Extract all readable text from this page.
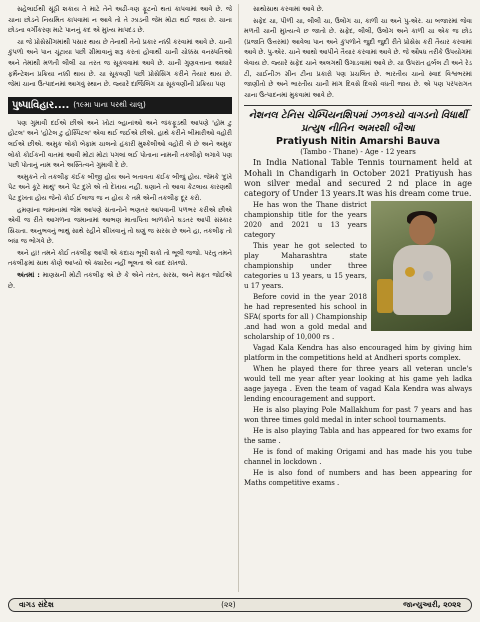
સહેલાઈથી સૂંઠી શકાય તે માટે તેને અઢી-ત્રણ ફૂટનો થતાં કાપવામાં આવે છે. જે ચાના છોડને નિયમિત કાપવામાં ન આવે તો તે ઝાડની જેમ મોટા થઈ જાય છે. ચાના છોડના વર્ગીકરણ માટે પાનનું કદ એ મુખ્ય માપદંડ છે.

ચા જે પ્રોસેસીંગમાંથી પસાર થાય છે તેનાથી તેનો પ્રકાર નક્કી કરવામાં આવે છે. ચાની કુંપળો અને પાન ચૂંટાયા પછી ગ્રીમાવાનું શરૂ કરતાં હોવાથી ચાની ચોક્કસ વનસ્પતિઓ અને તેમાંથી મળતી લીલી ચા તરત જ સૂકવવામાં આવે છે. ચાની ગુણવત્તાના આધારે ફર્મેન્ટેશન પ્રક્રિયા નક્કી થાય છે. ચા સૂકવણી પછી પ્રોસેસિંગ કરીને તૈયાર થાય છે. જેમાં ચાના ઉત્પાદનમાં આગવું સ્થાન છે. જ્યારે દાર્જિલિંગ ચા સૂકવણીની પ્રક્રિયા પણ

પુષ્પાવિહાર.... (૧૯મા પાના પરથી ચાલુ)

પણ ગુમાવી દઈએ છીએ અને ખોટાં બ્હાનાંઓ અને જંકફૂડથી આપણે 'હોમ ટુ હોટલ' અને 'હોટેલ ટુ હોસ્પિટલ' એવા થઈ જઈએ છીએ. હાથે કરીને બીમારીઓ વહોરી લઈએ છીએ. અમુક લોકો બેફામ ચાલનો હંકારી મુશ્કેલીઓ વહોરી લે છે અને અમુક લોકો કોઈકની વાતમાં આવી મોટાં મોટાં પગલાં લઈ પોતાના નામની તકલીફો લગાવે પણ પછી પોતાનું નામ અને અસ્તિત્વને ગુમાવી દે છે.

અમુકને તો તકલીફ કંઈક બીજી હોય અને બતાવતા કંઈક બીજું હોય. જેમકે 'દુખે પેટ અને કૂટે માથું' અને પેટ દુખે એ તો દેખાય નહીં. ઘણાને તો આવા કેટલાય કારણથી પેટ દુખતા હોય જેનો કોઈ ઈલાજ જ ન હોય કે તમે એની તકલીફ દૂર કરો.

હમણાંના જમાનામાં જેમ આપણે સંતાનોને ભણતર આપવાની પળભર કરીએ છીએ એવી જ રીતે આગળના જમાનામાં આભણ માતાપિતા બાળકોને ઘડતર આપી સંસ્કાર સિંચતા. અનુભવનું ભાથું સાથે રહીને શીખવાનું તો ઘણું જ સરસ છે અને હા, તકલીફ તો બધા જ ભોગવે છે.

અને હાં! તમને કોઈ તકલીફ આપી એ કદાચ ભૂલી શકો તો ભૂલી જજો. પરંતુ તમને તકલીફમાં સાથ કોણે આપ્યો એ ક્યારેય નહીં ભૂલતા એ યાદ રાખજો.

અંતમાં : માણસની મોટી તકલીફ એ છે કે એને તરત, સરસ, અને મફત જોઈએ છે.

સાથોસાથ કરવામાં આવે છે.

સફેદ ચા, પીળી ચા, લીલી ચા, ઉલોંગ ચા, કાળી ચા અને પુ-એર. ચા બજારમાં જેવા મળતી ચાની મુખ્યત્વે છ જાતો છે. સફેદ, લીલી, ઉલોંગ અને કાળી ચા એક જ છોડ (પ્રજાતિ ઉત્તરમાં) આવેલા પાન અને કુંપળોને જુદી જુદી રીતે પ્રોસેસ કરી તૈયાર કરવામાં આવે છે. પુ-એર. ચાને આથો આપીને તૈયાર કરવામાં આવે છે. જે ઔષધ તરીકે ઉપયોગમાં લેવાય છે. જ્યારે સફેદ ચાને અલગથી ઉગાડવામાં આવે છે. ચા ઉપરાંત હર્બલ ટી અને રેડ ટી, ચાઈનીઝ ગ્રીન ટીના પ્રકારો પણ પ્રચલિત છે. ભારતીય ચાનો સ્વાદ વિશ્વભરમાં જાણીતો છે અને ભારતીય ચાની માંગ દિવસે દિવસે વધતી જાય છે. એ પણ પરંપરાગત ચાના ઉત્પાદનમાં મુકવામાં આવે છે.

નેશનલ ટેનિસ ચેમ્પિયનશિપમાં ઝળકયો વાગડનો વિધાર્થી પ્રત્યુષ નીતિન અમરશી બૌઆ
Pratiyush Nitin Amarshi Bauva
(Tambo - Thane) - Age - 12 years

In India National Table Tennis tournament held at Mohali in Chandigarh in October 2021 Pratiyush has won silver medal and secured 2 nd place in age category of Under 13 years.It was his dream come true.

He has won the Thane district championship title for the years 2020 and 2021 u 13 years category

This year he got selected to play Maharashtra state championship under three categories u 13 years, u 15 years, u 17 years.

Before covid in the year 2018 he had represented his school in SFA( sports for all ) Championship .and had won a gold medal and scholarship of 10,000 rs .

Vagad Kala Kendra has also encouraged him by giving him platform in the competitions held at Andheri sports complex.

When he played there for three years all veteran uncle's would tell me year after year looking at his game yeh ladka aage jayega . Even the team of vagad Kala Kendra was always lending encouragement and support.

He is also playing Pole Mallakhum for past 7 years and has won three times gold medal in inter school tournaments.

He is also playing Tabla and has appeared for two exams for the same .

He is fond of making Origami and has made his you tube channel in lockdown .

He is also fond of numbers and has been appearing for Maths competitive exams .

વાગડ સંદેશ	(૨૨)	જાન્યુઆરી, ૨૦૨૨
